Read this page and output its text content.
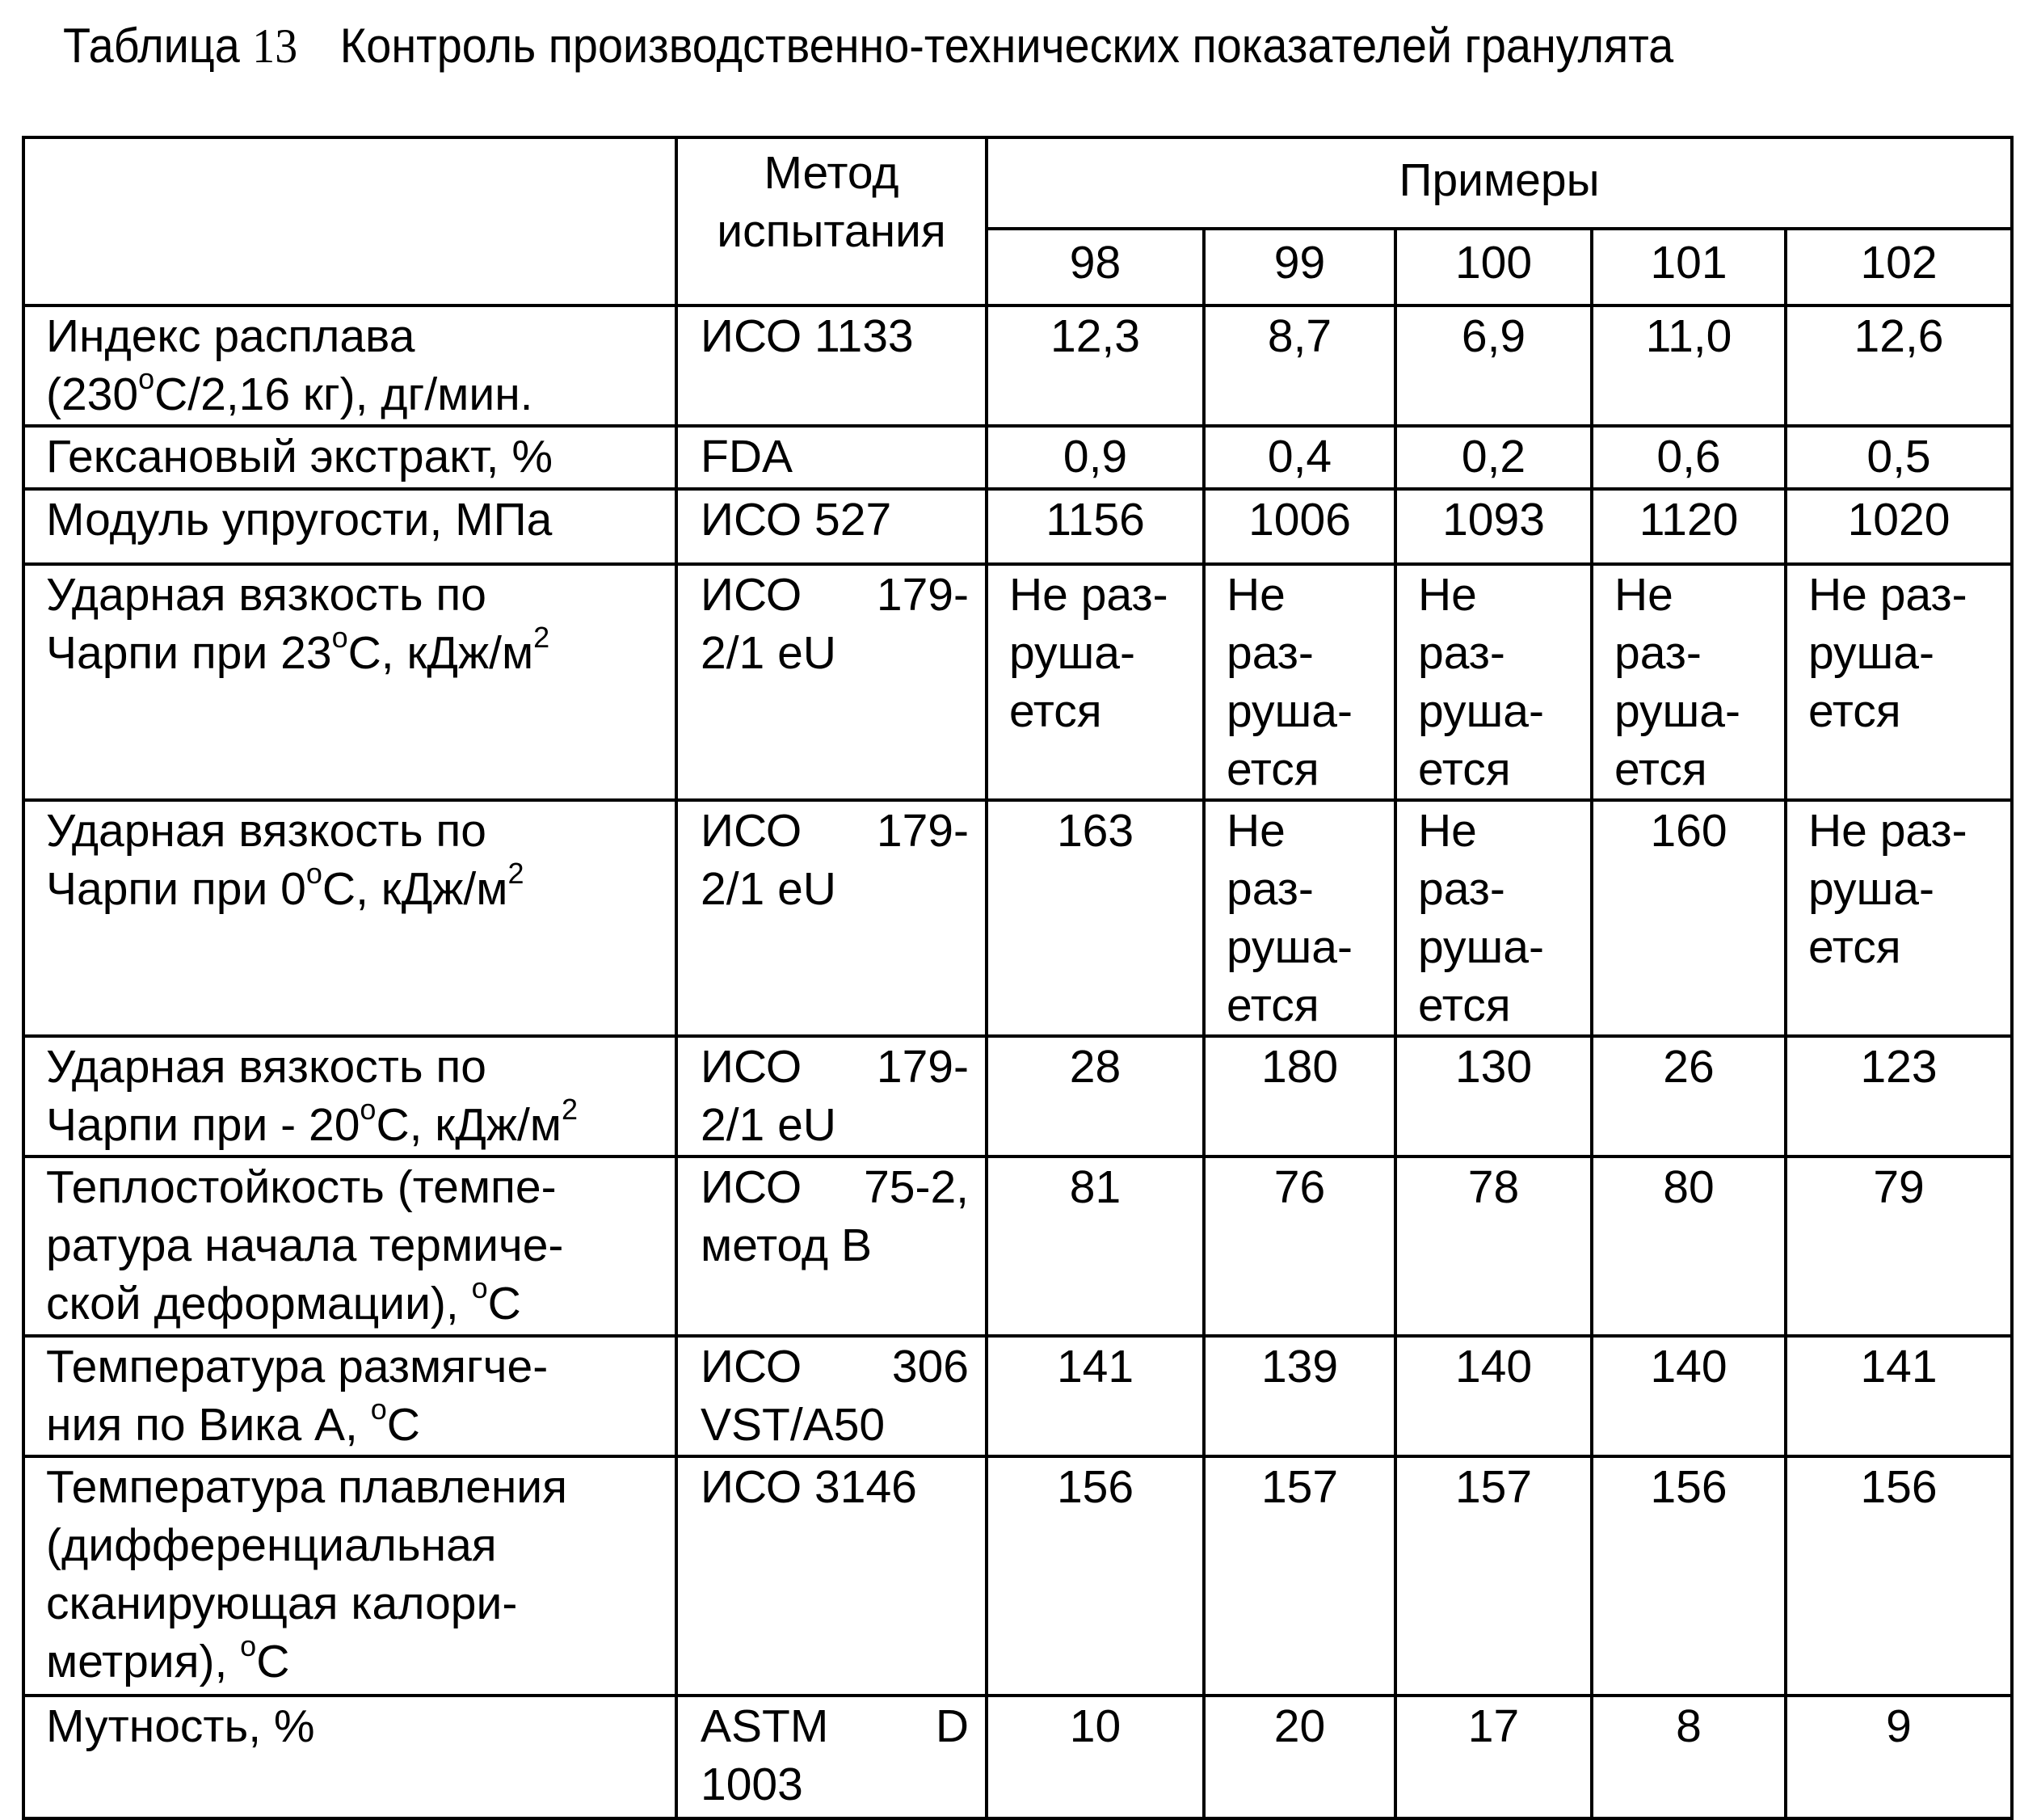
Таблица 13 Контроль производственно-технических показателей гранулята
	Метод испытания	Примеры
98	99	100	101	102

Индекс расплава
(230oС/2,16 кг), дг/мин.
	ИСО 1133	12,3	8,7	6,9	11,0	12,6

Гексановый экстракт, %	FDA	0,9	0,4	0,2	0,6	0,5

Модуль упругости, МПа	ИСО 527	1156	1006	1093	1120	1020

Ударная вязкость по
Чарпи при 23oС, кДж/м2

ИСО 179-
2/1 eU
	Не раз-
руша-
ется	Не
раз-
руша-
ется	Не
раз-
руша-
ется	Не
раз-
руша-
ется	Не раз-
руша-
ется

Ударная вязкость по
Чарпи при 0oС, кДж/м2

ИСО 179-
2/1 eU
	163	Не
раз-
руша-
ется	Не
раз-
руша-
ется	160	Не раз-
руша-
ется

Ударная вязкость по
Чарпи при - 20oС, кДж/м2

ИСО 179-
2/1 eU
	28	180	130	26	123

Теплостойкость (темпе-
ратура начала термиче-
ской деформации), oС

ИСО 75-2,
метод В
	81	76	78	80	79

Температура размягче-
ния по Вика А, oС

ИСО 306
VST/A50
	141	139	140	140	141

Температура плавления
(дифференциальная
сканирующая калори-
метрия), oС
	ИСО 3146	156	157	157	156	156

Мутность, %	ASTM D
1003
	10	20	17	8	9
